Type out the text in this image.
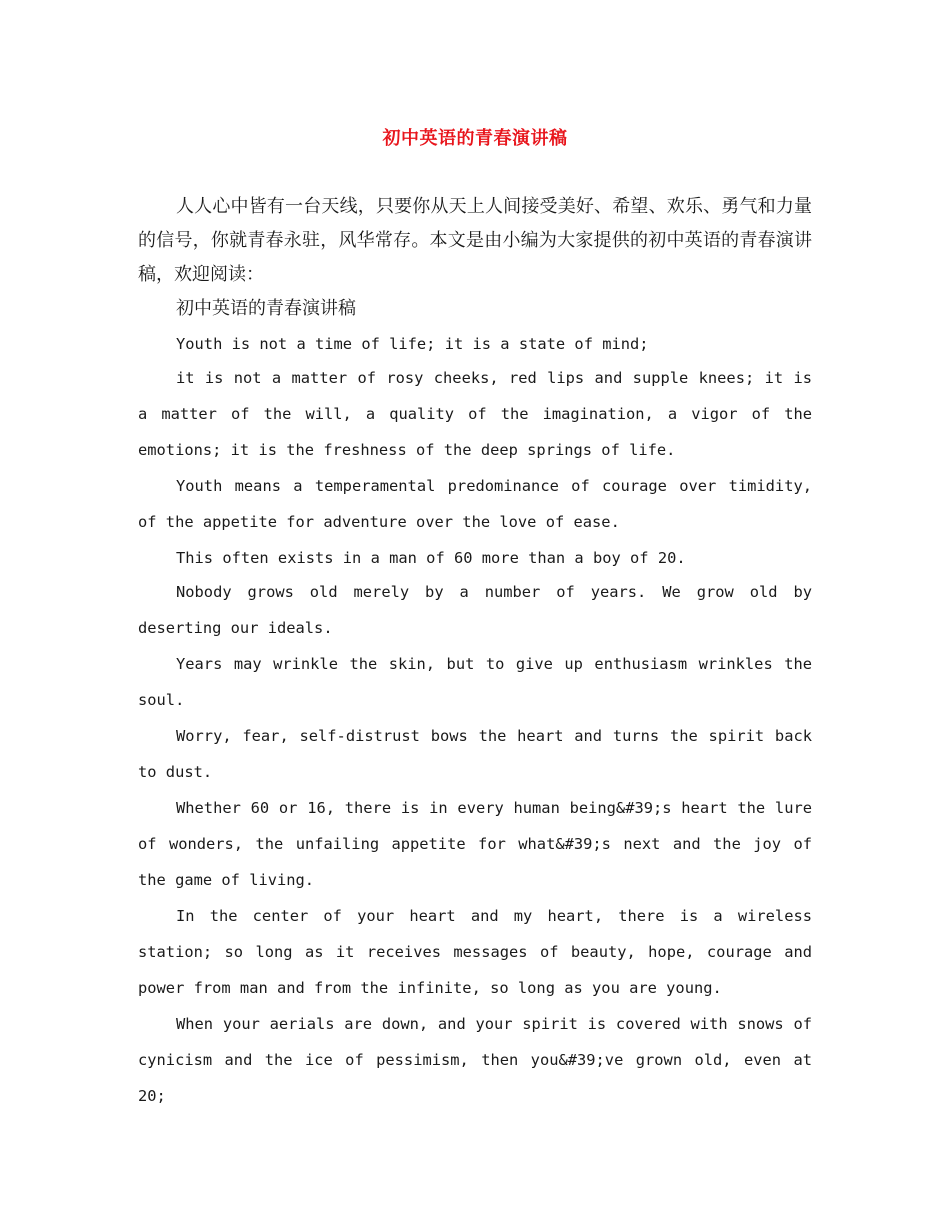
初中英语的青春演讲稿

人人心中皆有一台天线，只要你从天上人间接受美好、希望、欢乐、勇气和力量的信号，你就青春永驻，风华常存。本文是由小编为大家提供的初中英语的青春演讲稿，欢迎阅读：

初中英语的青春演讲稿

Youth is not a time of life; it is a state of mind;

it is not a matter of rosy cheeks, red lips and supple knees; it is a matter of the will, a quality of the imagination, a vigor of the emotions; it is the freshness of the deep springs of life.

Youth means a temperamental predominance of courage over timidity, of the appetite for adventure over the love of ease.

This often exists in a man of 60 more than a boy of 20.

Nobody grows old merely by a number of years. We grow old by deserting our ideals.

Years may wrinkle the skin, but to give up enthusiasm wrinkles the soul.

Worry, fear, self-distrust bows the heart and turns the spirit back to dust.

Whether 60 or 16, there is in every human being&#39;s heart the lure of wonders, the unfailing appetite for what&#39;s next and the joy of the game of living.

In the center of your heart and my heart, there is a wireless station; so long as it receives messages of beauty, hope, courage and power from man and from the infinite, so long as you are young.

When your aerials are down, and your spirit is covered with snows of cynicism and the ice of pessimism, then you&#39;ve grown old, even at 20;
